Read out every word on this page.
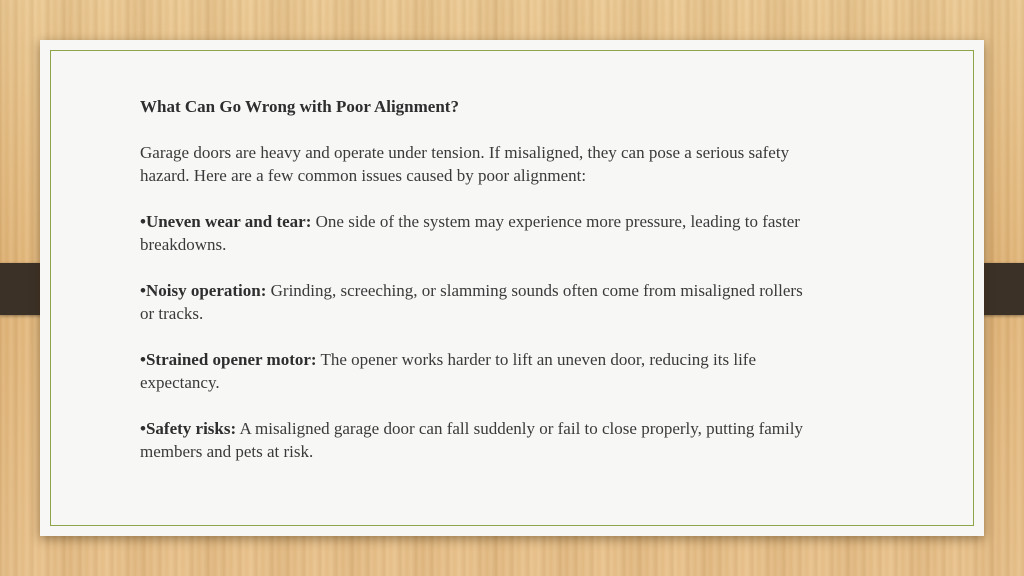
What Can Go Wrong with Poor Alignment?

Garage doors are heavy and operate under tension. If misaligned, they can pose a serious safety hazard. Here are a few common issues caused by poor alignment:

•Uneven wear and tear: One side of the system may experience more pressure, leading to faster breakdowns.

•Noisy operation: Grinding, screeching, or slamming sounds often come from misaligned rollers or tracks.

•Strained opener motor: The opener works harder to lift an uneven door, reducing its life expectancy.

•Safety risks: A misaligned garage door can fall suddenly or fail to close properly, putting family members and pets at risk.
